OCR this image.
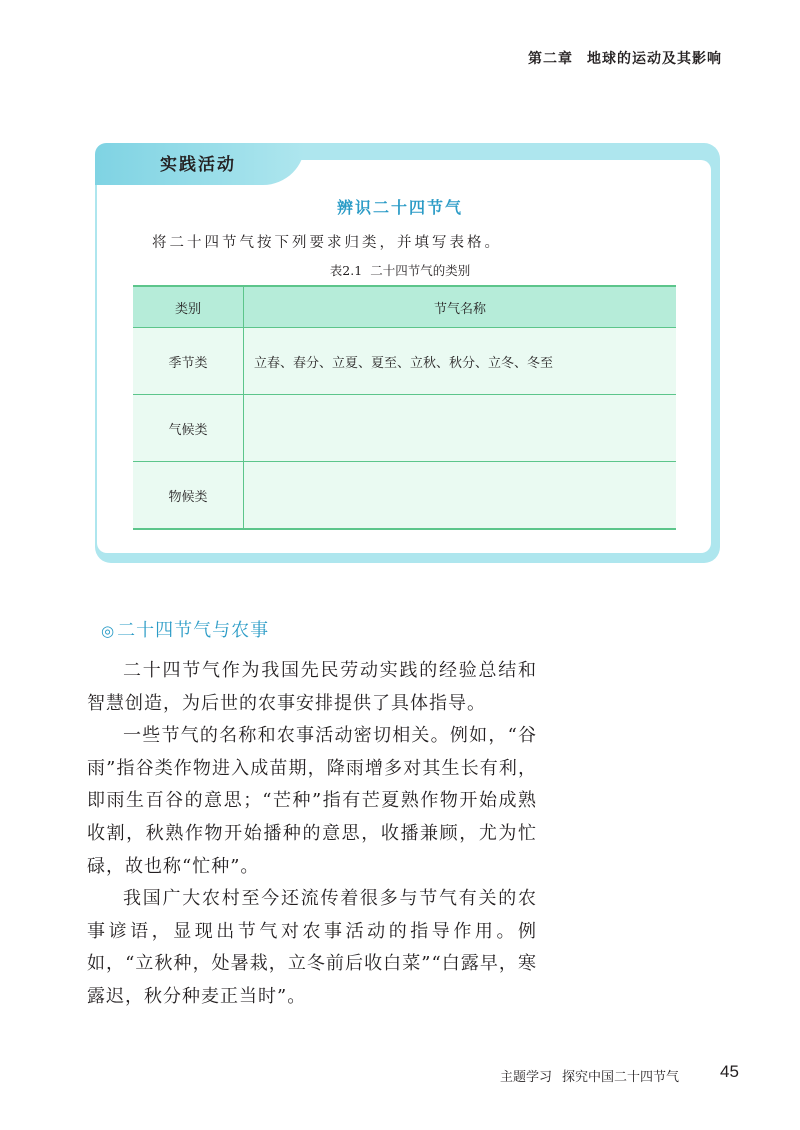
第二章 地球的运动及其影响
实践活动
辨识二十四节气
将二十四节气按下列要求归类，并填写表格。
表2.1 二十四节气的类别
类别	节气名称
季节类	立春、春分、立夏、夏至、立秋、秋分、立冬、冬至
气候类	
物候类	
◎ 二十四节气与农事

二十四节气作为我国先民劳动实践的经验总结和智慧创造，为后世的农事安排提供了具体指导。

一些节气的名称和农事活动密切相关。例如，“谷雨”指谷类作物进入成苗期，降雨增多对其生长有利，即雨生百谷的意思；“芒种”指有芒夏熟作物开始成熟收割，秋熟作物开始播种的意思，收播兼顾，尤为忙碌，故也称“忙种”。

我国广大农村至今还流传着很多与节气有关的农事谚语，显现出节气对农事活动的指导作用。例如，“立秋种，处暑栽，立冬前后收白菜”“白露早，寒露迟，秋分种麦正当时”。

主题学习 探究中国二十四节气 45
